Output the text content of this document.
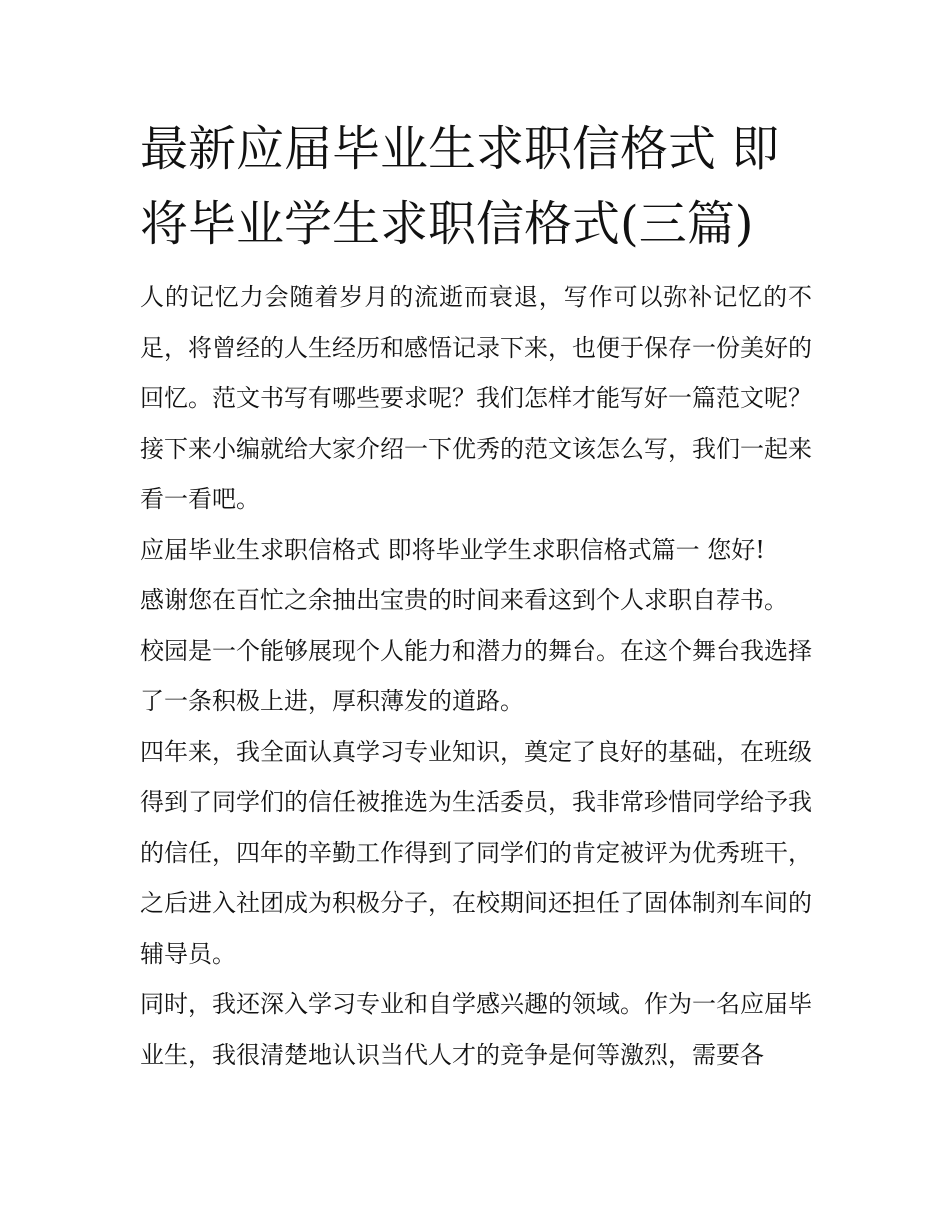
最新应届毕业生求职信格式 即将毕业学生求职信格式(三篇)

人的记忆力会随着岁月的流逝而衰退，写作可以弥补记忆的不足，将曾经的人生经历和感悟记录下来，也便于保存一份美好的回忆。范文书写有哪些要求呢？我们怎样才能写好一篇范文呢？接下来小编就给大家介绍一下优秀的范文该怎么写，我们一起来看一看吧。

应届毕业生求职信格式 即将毕业学生求职信格式篇一 您好!

感谢您在百忙之余抽出宝贵的时间来看这到个人求职自荐书。

校园是一个能够展现个人能力和潜力的舞台。在这个舞台我选择了一条积极上进，厚积薄发的道路。

四年来，我全面认真学习专业知识，奠定了良好的基础，在班级得到了同学们的信任被推选为生活委员，我非常珍惜同学给予我的信任，四年的辛勤工作得到了同学们的肯定被评为优秀班干，之后进入社团成为积极分子，在校期间还担任了固体制剂车间的辅导员。

同时，我还深入学习专业和自学感兴趣的领域。作为一名应届毕业生，我很清楚地认识当代人才的竞争是何等激烈，需要各
